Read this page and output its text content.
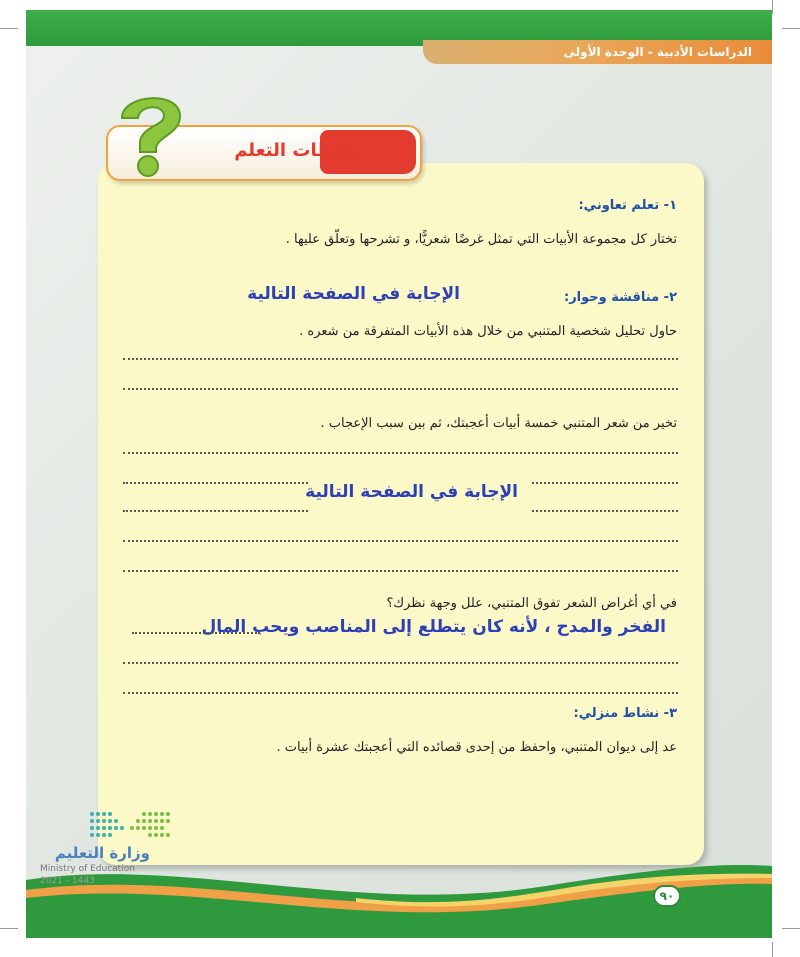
الدراسات الأدبية - الوحدة الأولى
نشاطات التعلم
١- تعلم تعاوني:
تختار كل مجموعة الأبيات التي تمثل غرضًا شعريًّا، و تشرحها وتعلّق عليها .
٢- مناقشة وحوار:
الإجابة في الصفحة التالية
حاول تحليل شخصية المتنبي من خلال هذه الأبيات المتفرقة من شعره .
تخير من شعر المتنبي خمسة أبيات أعجبتك، ثم بين سبب الإعجاب .
الإجابة في الصفحة التالية
في أي أغراض الشعر تفوق المتنبي، علل وجهة نظرك؟
الفخر والمدح ، لأنه كان يتطلع إلى المناصب ويحب المال
٣- نشاط منزلي:
عد إلى ديوان المتنبي، واحفظ من إحدى قصائده التي أعجبتك عشرة أبيات .
٩٠
وزارة التعليم
Ministry of Education
2021 - 1443
